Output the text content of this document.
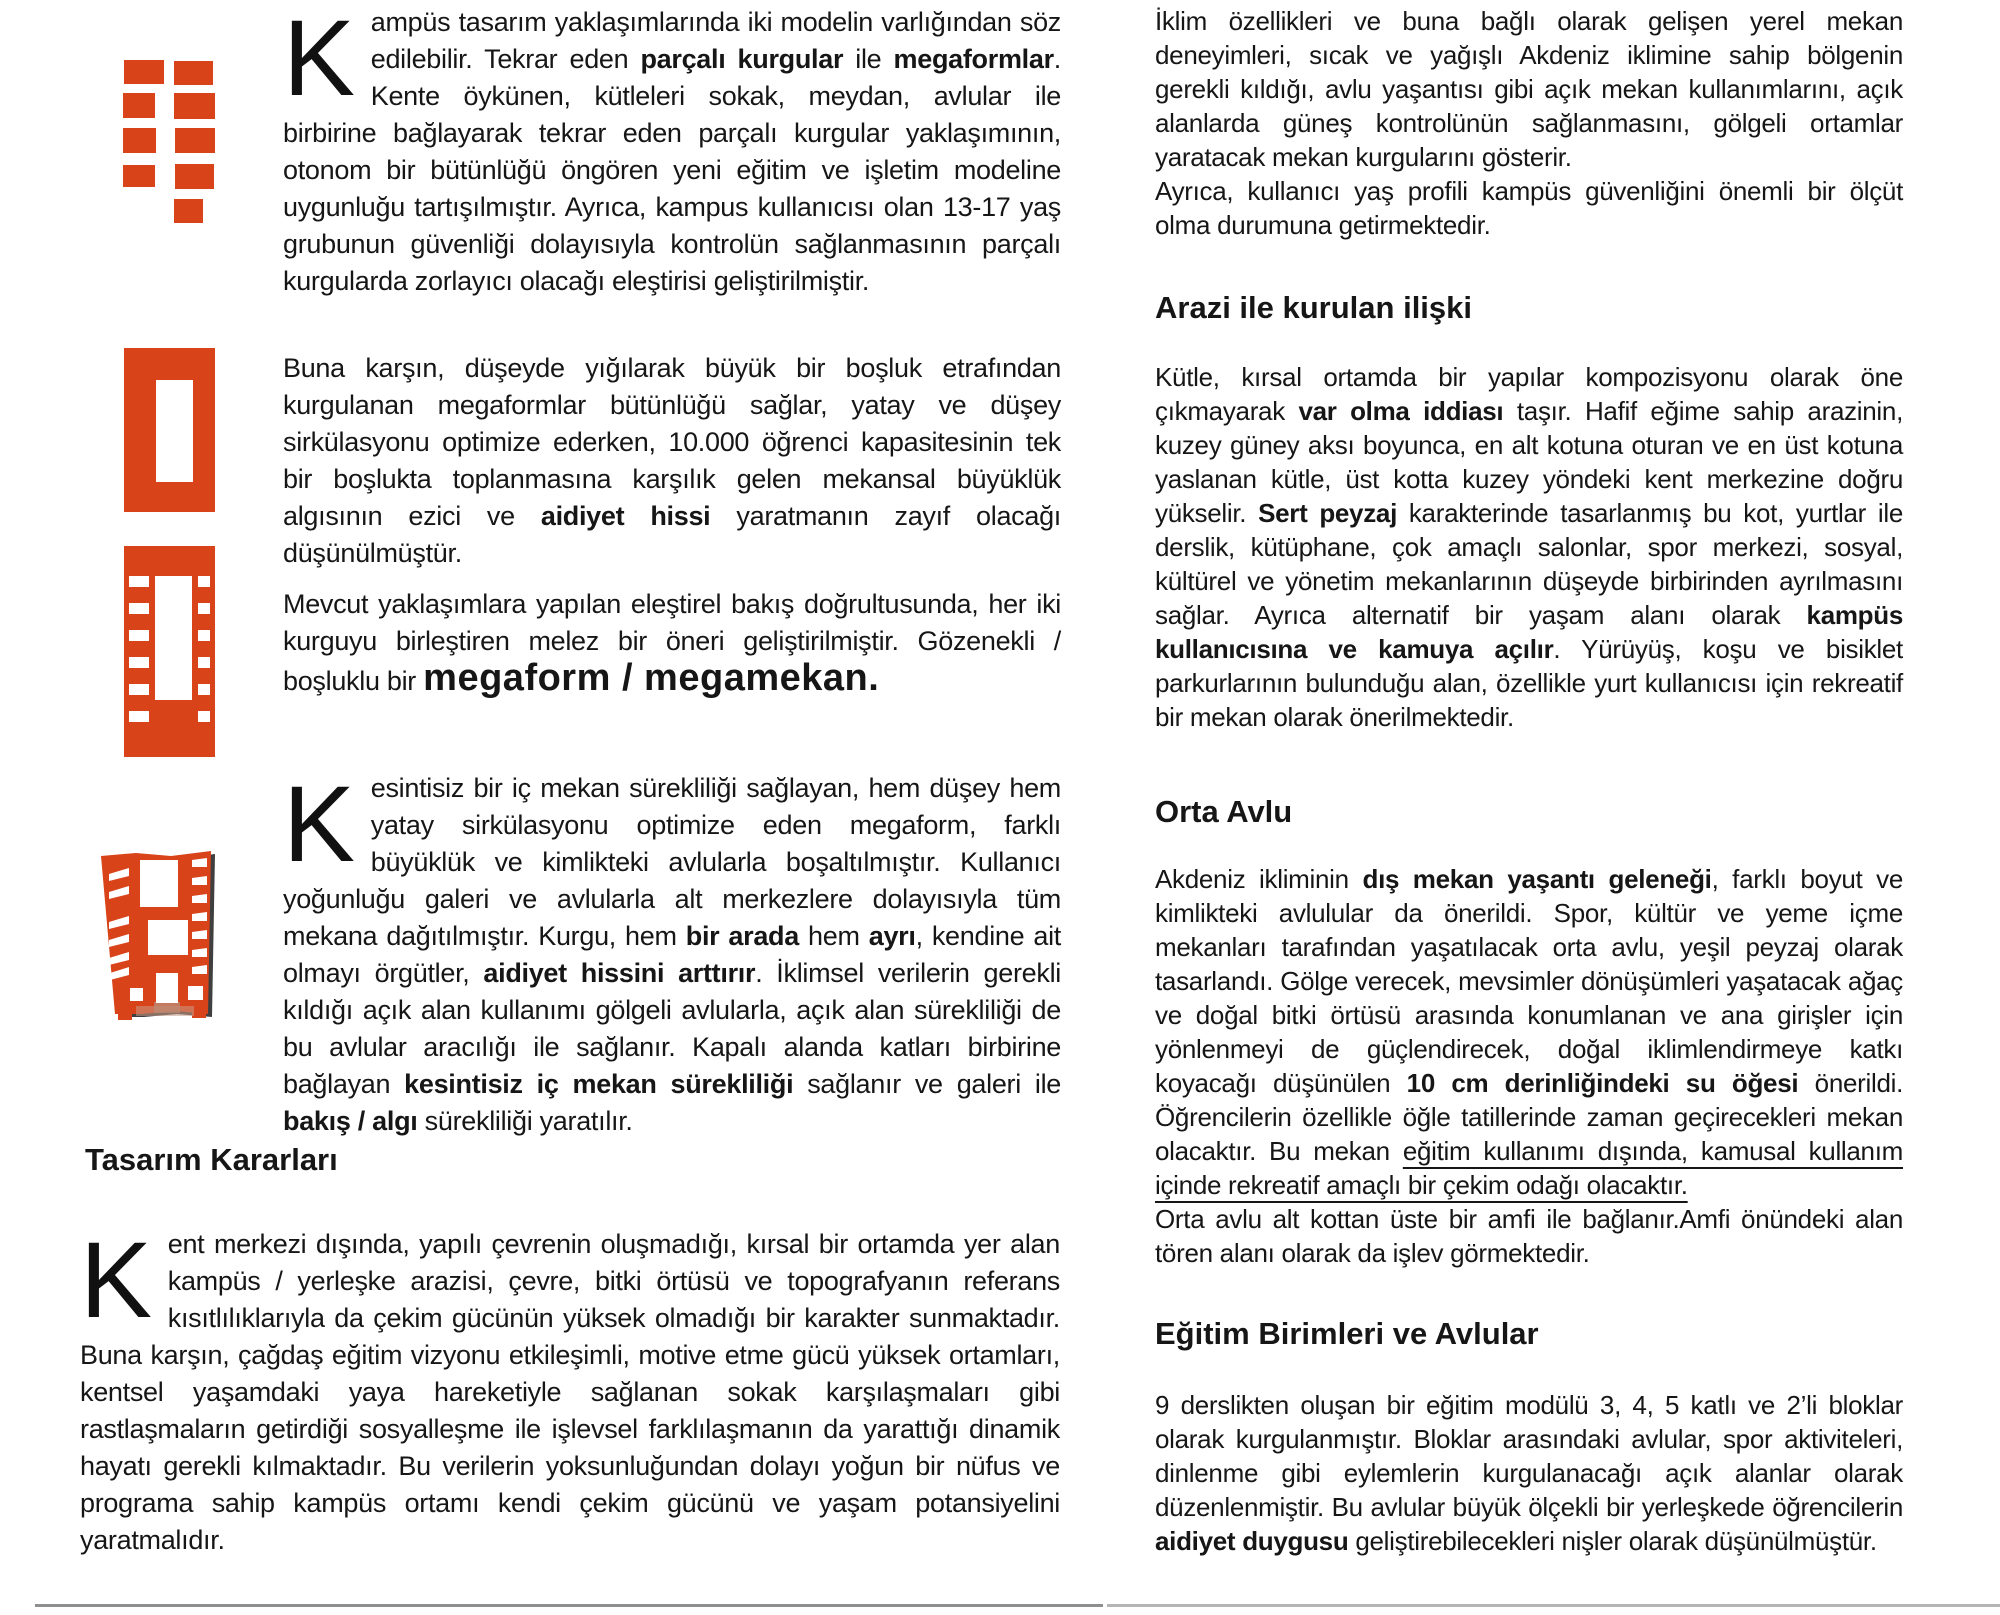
Kampüs tasarım yaklaşımlarında iki modelin varlığından söz edilebilir. Tekrar eden parçalı kurgular ile megaformlar. Kente öykünen, kütleleri sokak, meydan, avlular ile birbirine bağlayarak tekrar eden parçalı kurgular yaklaşımının, otonom bir bütünlüğü öngören yeni eğitim ve işletim modeline uygunluğu tartışılmıştır. Ayrıca, kampus kullanıcısı olan 13-17 yaş grubunun güvenliği dolayısıyla kontrolün sağlanmasının parçalı kurgularda zorlayıcı olacağı eleştirisi geliştirilmiştir.

Buna karşın, düşeyde yığılarak büyük bir boşluk etrafından kurgulanan megaformlar bütünlüğü sağlar, yatay ve düşey sirkülasyonu optimize ederken, 10.000 öğrenci kapasitesinin tek bir boşlukta toplanmasına karşılık gelen mekansal büyüklük algısının ezici ve aidiyet hissi yaratmanın zayıf olacağı düşünülmüştür.

Mevcut yaklaşımlara yapılan eleştirel bakış doğrultusunda, her iki kurguyu birleştiren melez bir öneri geliştirilmiştir. Gözenekli / boşluklu bir megaform / megamekan.

Kesintisiz bir iç mekan sürekliliği sağlayan, hem düşey hem yatay sirkülasyonu optimize eden megaform, farklı büyüklük ve kimlikteki avlularla boşaltılmıştır. Kullanıcı yoğunluğu galeri ve avlularla alt merkezlere dolayısıyla tüm mekana dağıtılmıştır. Kurgu, hem bir arada hem ayrı, kendine ait olmayı örgütler, aidiyet hissini arttırır. İklimsel verilerin gerekli kıldığı açık alan kullanımı gölgeli avlularla, açık alan sürekliliği de bu avlular aracılığı ile sağlanır. Kapalı alanda katları birbirine bağlayan kesintisiz iç mekan sürekliliği sağlanır ve galeri ile bakış / algı sürekliliği yaratılır.

Tasarım Kararları

Kent merkezi dışında, yapılı çevrenin oluşmadığı, kırsal bir ortamda yer alan kampüs / yerleşke arazisi, çevre, bitki örtüsü ve topografyanın referans kısıtlılıklarıyla da çekim gücünün yüksek olmadığı bir karakter sunmaktadır. Buna karşın, çağdaş eğitim vizyonu etkileşimli, motive etme gücü yüksek ortamları, kentsel yaşamdaki yaya hareketiyle sağlanan sokak karşılaşmaları gibi rastlaşmaların getirdiği sosyalleşme ile işlevsel farklılaşmanın da yarattığı dinamik hayatı gerekli kılmaktadır. Bu verilerin yoksunluğundan dolayı yoğun bir nüfus ve programa sahip kampüs ortamı kendi çekim gücünü ve yaşam potansiyelini yaratmalıdır.

İklim özellikleri ve buna bağlı olarak gelişen yerel mekan deneyimleri, sıcak ve yağışlı Akdeniz iklimine sahip bölgenin gerekli kıldığı, avlu yaşantısı gibi açık mekan kullanımlarını, açık alanlarda güneş kontrolünün sağlanmasını, gölgeli ortamlar yaratacak mekan kurgularını gösterir.
Ayrıca, kullanıcı yaş profili kampüs güvenliğini önemli bir ölçüt olma durumuna getirmektedir.

Arazi ile kurulan ilişki

Kütle, kırsal ortamda bir yapılar kompozisyonu olarak öne çıkmayarak var olma iddiası taşır. Hafif eğime sahip arazinin, kuzey güney aksı boyunca, en alt kotuna oturan ve en üst kotuna yaslanan kütle, üst kotta kuzey yöndeki kent merkezine doğru yükselir. Sert peyzaj karakterinde tasarlanmış bu kot, yurtlar ile derslik, kütüphane, çok amaçlı salonlar, spor merkezi, sosyal, kültürel ve yönetim mekanlarının düşeyde birbirinden ayrılmasını sağlar. Ayrıca alternatif bir yaşam alanı olarak kampüs kullanıcısına ve kamuya açılır. Yürüyüş, koşu ve bisiklet parkurlarının bulunduğu alan, özellikle yurt kullanıcısı için rekreatif bir mekan olarak önerilmektedir.

Orta Avlu

Akdeniz ikliminin dış mekan yaşantı geleneği, farklı boyut ve kimlikteki avlulular da önerildi. Spor, kültür ve yeme içme mekanları tarafından yaşatılacak orta avlu, yeşil peyzaj olarak tasarlandı. Gölge verecek, mevsimler dönüşümleri yaşatacak ağaç ve doğal bitki örtüsü arasında konumlanan ve ana girişler için yönlenmeyi de güçlendirecek, doğal iklimlendirmeye katkı koyacağı düşünülen 10 cm derinliğindeki su öğesi önerildi. Öğrencilerin özellikle öğle tatillerinde zaman geçirecekleri mekan olacaktır. Bu mekan eğitim kullanımı dışında, kamusal kullanım içinde rekreatif amaçlı bir çekim odağı olacaktır.
Orta avlu alt kottan üste bir amfi ile bağlanır.Amfi önündeki alan tören alanı olarak da işlev görmektedir.

Eğitim Birimleri ve Avlular

9 derslikten oluşan bir eğitim modülü 3, 4, 5 katlı ve 2’li bloklar olarak kurgulanmıştır. Bloklar arasındaki avlular, spor aktiviteleri, dinlenme gibi eylemlerin kurgulanacağı açık alanlar olarak düzenlenmiştir. Bu avlular büyük ölçekli bir yerleşkede öğrencilerin aidiyet duygusu geliştirebilecekleri nişler olarak düşünülmüştür.
